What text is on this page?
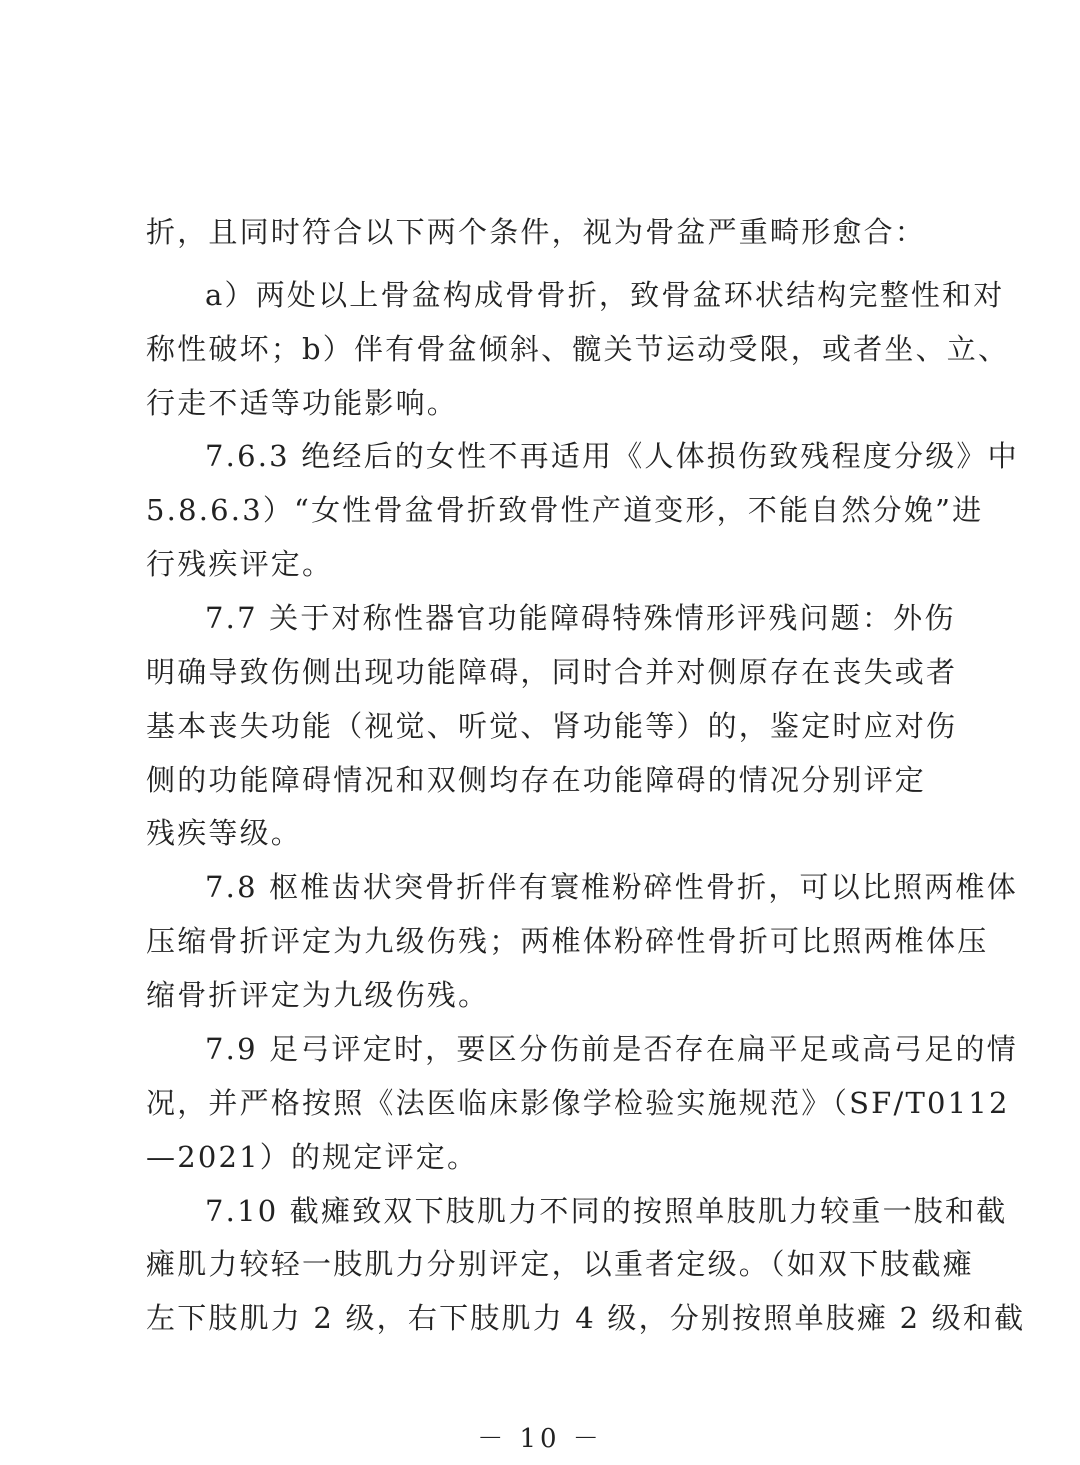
折，且同时符合以下两个条件，视为骨盆严重畸形愈合：
a）两处以上骨盆构成骨骨折，致骨盆环状结构完整性和对
称性破坏；b）伴有骨盆倾斜、髋关节运动受限，或者坐、立、
行走不适等功能影响。
7.6.3 绝经后的女性不再适用《人体损伤致残程度分级》中
5.8.6.3）“女性骨盆骨折致骨性产道变形，不能自然分娩”进
行残疾评定。
7.7 关于对称性器官功能障碍特殊情形评残问题：外伤
明确导致伤侧出现功能障碍，同时合并对侧原存在丧失或者
基本丧失功能（视觉、听觉、肾功能等）的，鉴定时应对伤
侧的功能障碍情况和双侧均存在功能障碍的情况分别评定
残疾等级。
7.8 枢椎齿状突骨折伴有寰椎粉碎性骨折，可以比照两椎体
压缩骨折评定为九级伤残；两椎体粉碎性骨折可比照两椎体压
缩骨折评定为九级伤残。
7.9 足弓评定时，要区分伤前是否存在扁平足或高弓足的情
况，并严格按照《法医临床影像学检验实施规范》（SF/T0112
—2021）的规定评定。
7.10 截瘫致双下肢肌力不同的按照单肢肌力较重一肢和截
瘫肌力较轻一肢肌力分别评定，以重者定级。（如双下肢截瘫
左下肢肌力 2 级，右下肢肌力 4 级，分别按照单肢瘫 2 级和截
－ 10 －
